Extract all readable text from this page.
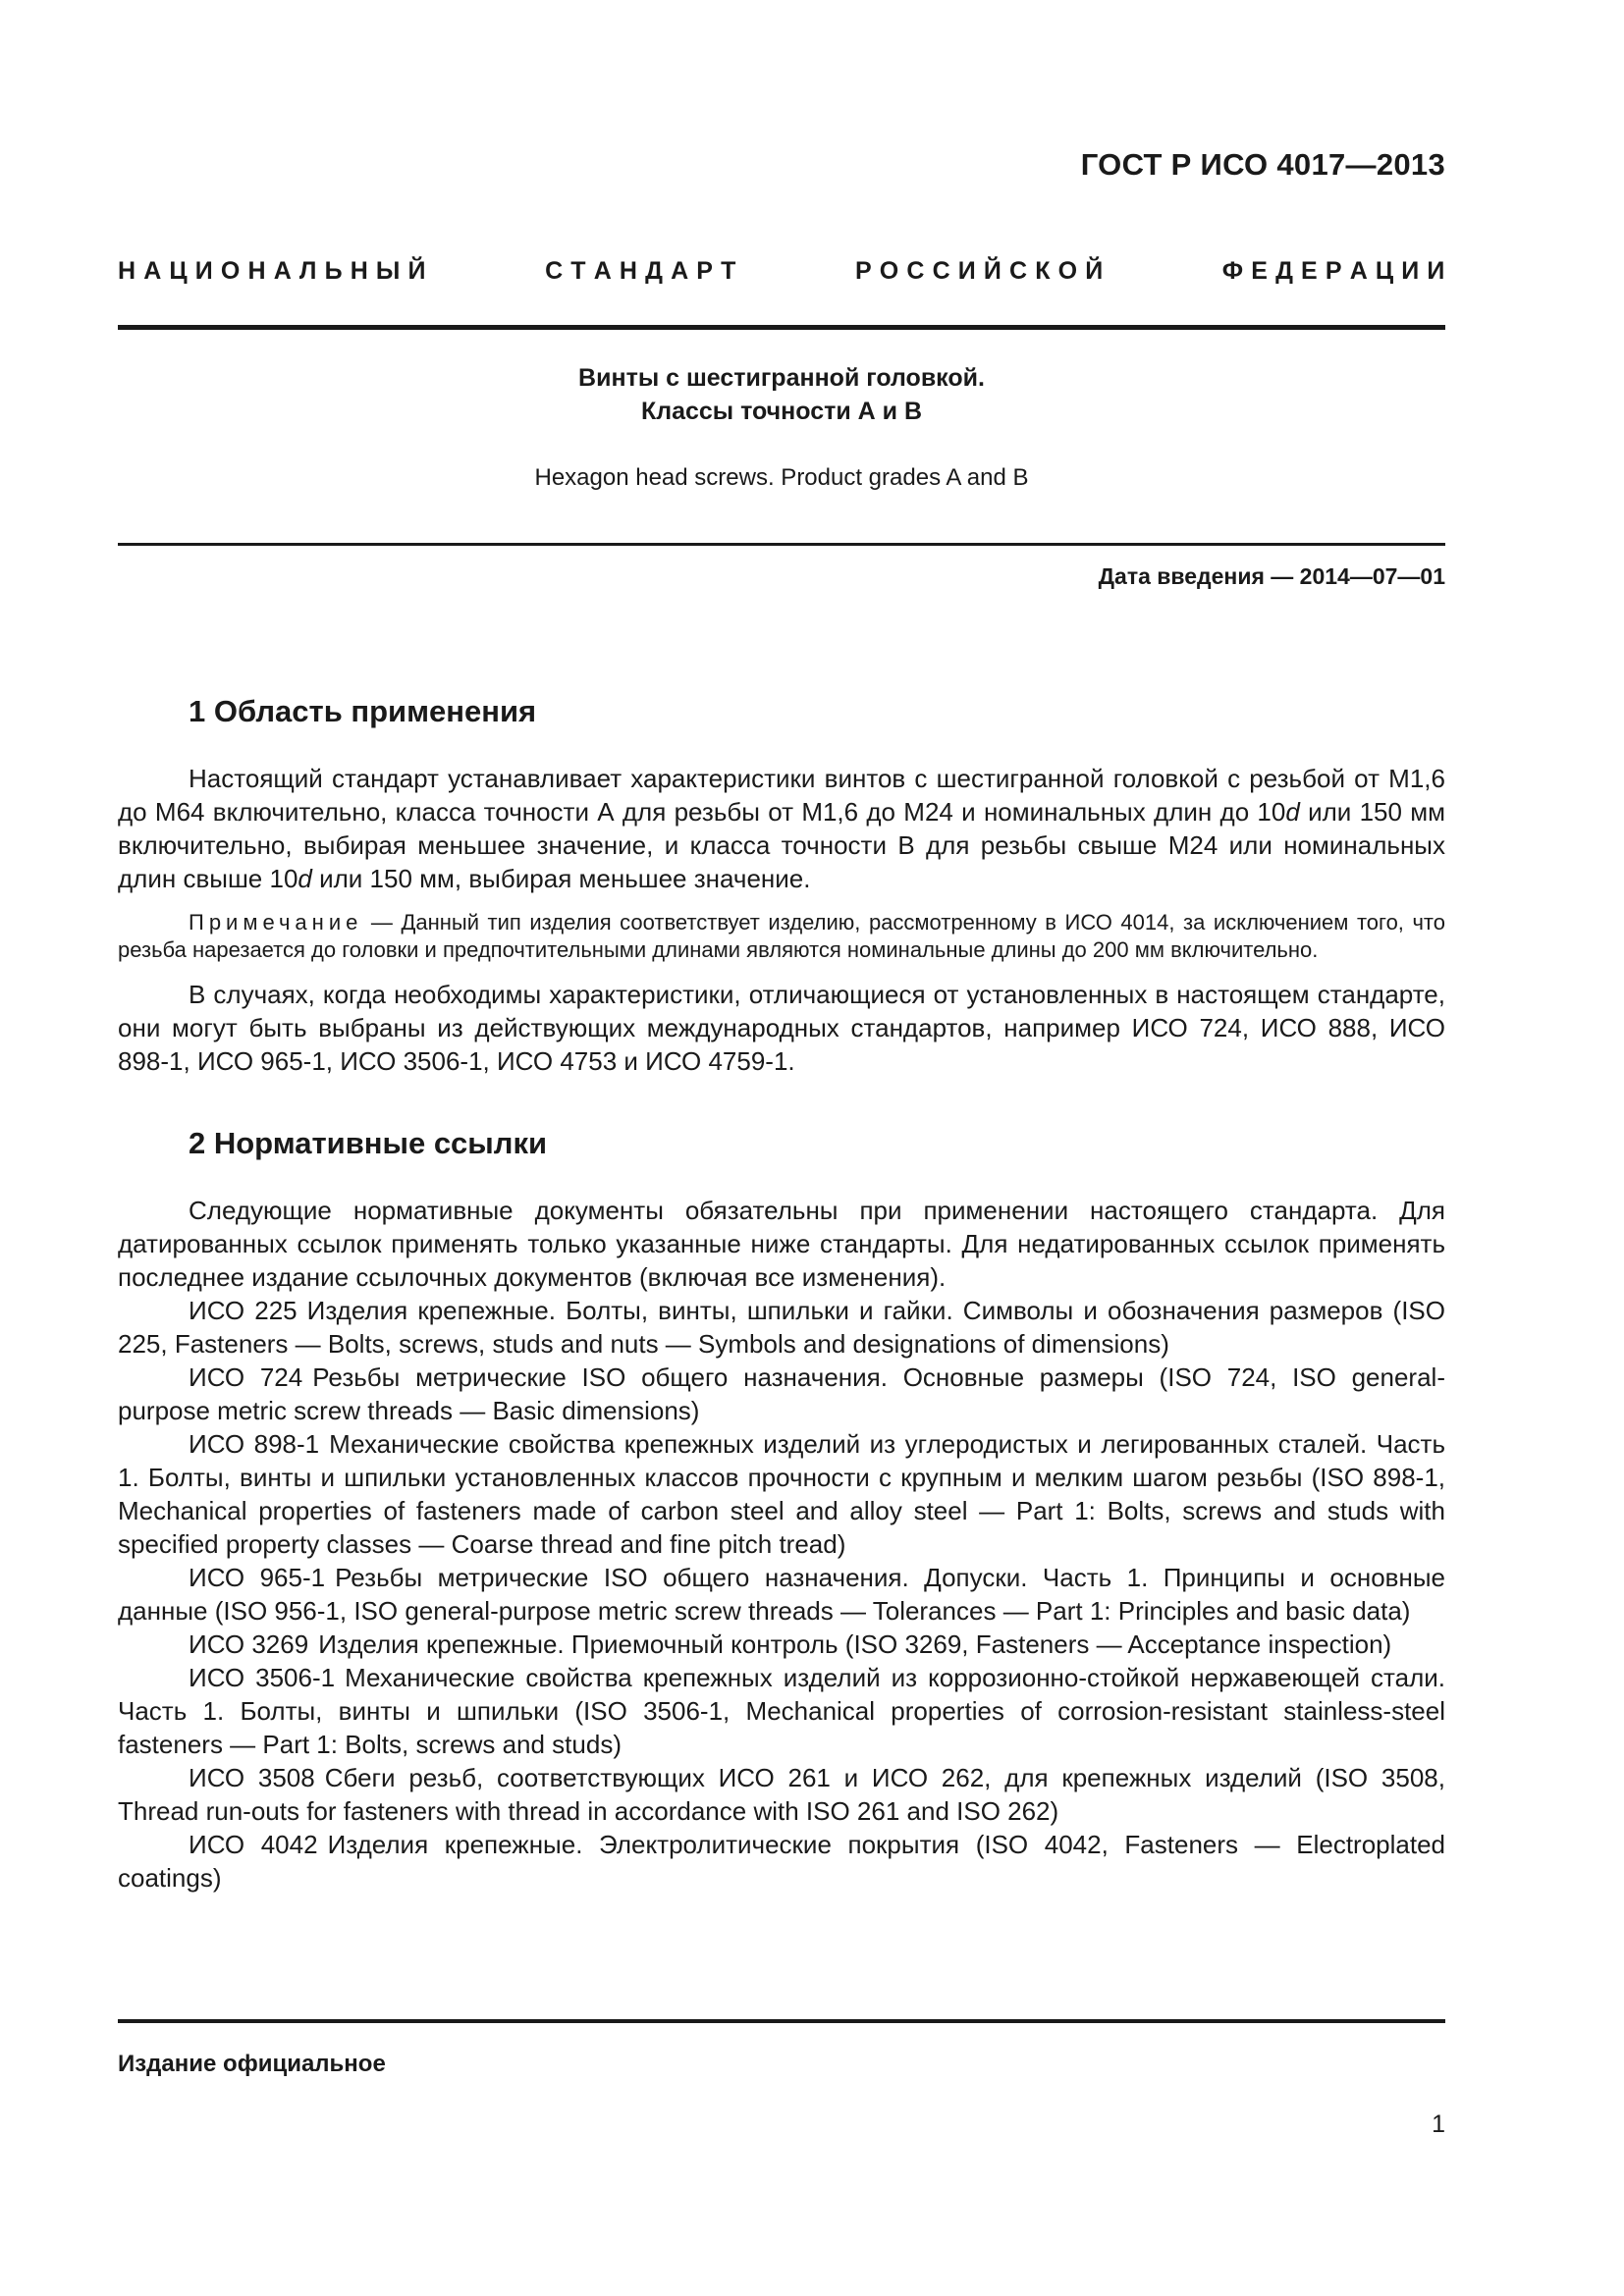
ГОСТ Р ИСО 4017—2013
Н А Ц И О Н А Л Ь Н Ы Й	С Т А Н Д А Р Т	Р О С С И Й С К О Й	Ф Е Д Е Р А Ц И И
Винты с шестигранной головкой.
Классы точности А и В
Hexagon head screws. Product grades A and B
Дата введения — 2014—07—01
1 Область применения

Настоящий стандарт устанавливает характеристики винтов с шестигранной головкой с резьбой от М1,6 до М64 включительно, класса точности А для резьбы от М1,6 до М24 и номинальных длин до 10d или 150 мм включительно, выбирая меньшее значение, и класса точности В для резьбы свыше М24 или номинальных длин свыше 10d или 150 мм, выбирая меньшее значение.

Примечание — Данный тип изделия соответствует изделию, рассмотренному в ИСО 4014, за исключением того, что резьба нарезается до головки и предпочтительными длинами являются номинальные длины до 200 мм включительно.

В случаях, когда необходимы характеристики, отличающиеся от установленных в настоящем стандарте, они могут быть выбраны из действующих международных стандартов, например ИСО 724, ИСО 888, ИСО 898-1, ИСО 965-1, ИСО 3506-1, ИСО 4753 и ИСО 4759-1.

2 Нормативные ссылки

Следующие нормативные документы обязательны при применении настоящего стандарта. Для датированных ссылок применять только указанные ниже стандарты. Для недатированных ссылок применять последнее издание ссылочных документов (включая все изменения).

ИСО 225 Изделия крепежные. Болты, винты, шпильки и гайки. Символы и обозначения размеров (ISO 225, Fasteners — Bolts, screws, studs and nuts — Symbols and designations of dimensions)

ИСО 724 Резьбы метрические ISO общего назначения. Основные размеры (ISO 724, ISO general-purpose metric screw threads — Basic dimensions)

ИСО 898-1 Механические свойства крепежных изделий из углеродистых и легированных сталей. Часть 1. Болты, винты и шпильки установленных классов прочности с крупным и мелким шагом резьбы (ISO 898-1, Mechanical properties of fasteners made of carbon steel and alloy steel — Part 1: Bolts, screws and studs with specified property classes — Coarse thread and fine pitch tread)

ИСО 965-1 Резьбы метрические ISO общего назначения. Допуски. Часть 1. Принципы и основные данные (ISO 956-1, ISO general-purpose metric screw threads — Tolerances — Part 1: Principles and basic data)

ИСО 3269 Изделия крепежные. Приемочный контроль (ISO 3269, Fasteners — Acceptance inspection)

ИСО 3506-1 Механические свойства крепежных изделий из коррозионно-стойкой нержавеющей стали. Часть 1. Болты, винты и шпильки (ISO 3506-1, Mechanical properties of corrosion-resistant stainless-steel fasteners — Part 1: Bolts, screws and studs)

ИСО 3508 Сбеги резьб, соответствующих ИСО 261 и ИСО 262, для крепежных изделий (ISO 3508, Thread run-outs for fasteners with thread in accordance with ISO 261 and ISO 262)

ИСО 4042 Изделия крепежные. Электролитические покрытия (ISO 4042, Fasteners — Electroplated coatings)

Издание официальное
1
